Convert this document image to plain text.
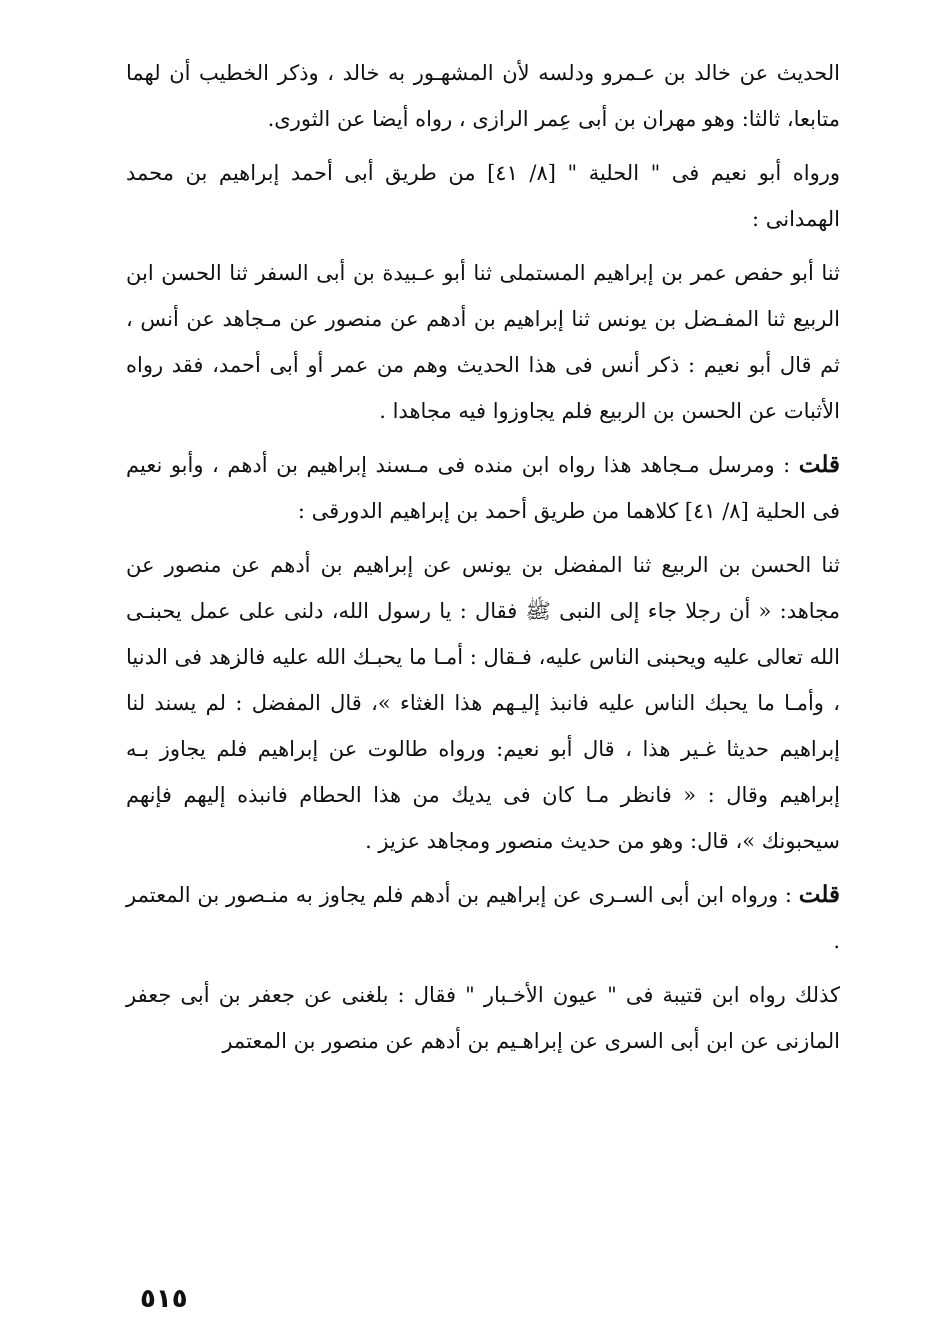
الحديث عن خالد بن عـمرو ودلسه لأن المشهـور به خالد ، وذكر الخطيب أن لهما متابعا، ثالثا: وهو مهران بن أبى عِمر الرازى ، رواه أيضا عن الثورى.

ورواه أبو نعيم فى " الحلية " [٨/ ٤١] من طريق أبى أحمد إبراهيم بن محمد الهمدانى :

ثنا أبو حفص عمر بن إبراهيم المستملى ثنا أبو عـبيدة بن أبى السفر ثنا الحسن ابن الربيع ثنا المفـضل بن يونس ثنا إبراهيم بن أدهم عن منصور عن مـجاهد عن أنس ، ثم قال أبو نعيم : ذكر أنس فى هذا الحديث وهم من عمر أو أبى أحمد، فقد رواه الأثبات عن الحسن بن الربيع فلم يجاوزوا فيه مجاهدا .

قلت : ومرسل مـجاهد هذا رواه ابن منده فى مـسند إبراهيم بن أدهم ، وأبو نعيم فى الحلية [٨/ ٤١] كلاهما من طريق أحمد بن إبراهيم الدورقى :

ثنا الحسن بن الربيع ثنا المفضل بن يونس عن إبراهيم بن أدهم عن منصور عن مجاهد: « أن رجلا جاء إلى النبى ﷺ فقال : يا رسول الله، دلنى على عمل يحبنـى الله تعالى عليه ويحبنى الناس عليه، فـقال : أمـا ما يحبـك الله عليه فالزهد فى الدنيا ، وأمـا ما يحبك الناس عليه فانبذ إليـهم هذا الغثاء »، قال المفضل : لم يسند لنا إبراهيم حديثا غـير هذا ، قال أبو نعيم: ورواه طالوت عن إبراهيم فلم يجاوز بـه إبراهيم وقال : « فانظر مـا كان فى يديك من هذا الحطام فانبذه إليهم فإنهم سيحبونك »، قال: وهو من حديث منصور ومجاهد عزيز .

قلت : ورواه ابن أبى السـرى عن إبراهيم بن أدهم فلم يجاوز به منـصور بن المعتمر .

كذلك رواه ابن قتيبة فى " عيون الأخـبار " فقال : بلغنى عن جعفر بن أبى جعفر المازنى عن ابن أبى السرى عن إبراهـيم بن أدهم عن منصور بن المعتمر

٥١٥
